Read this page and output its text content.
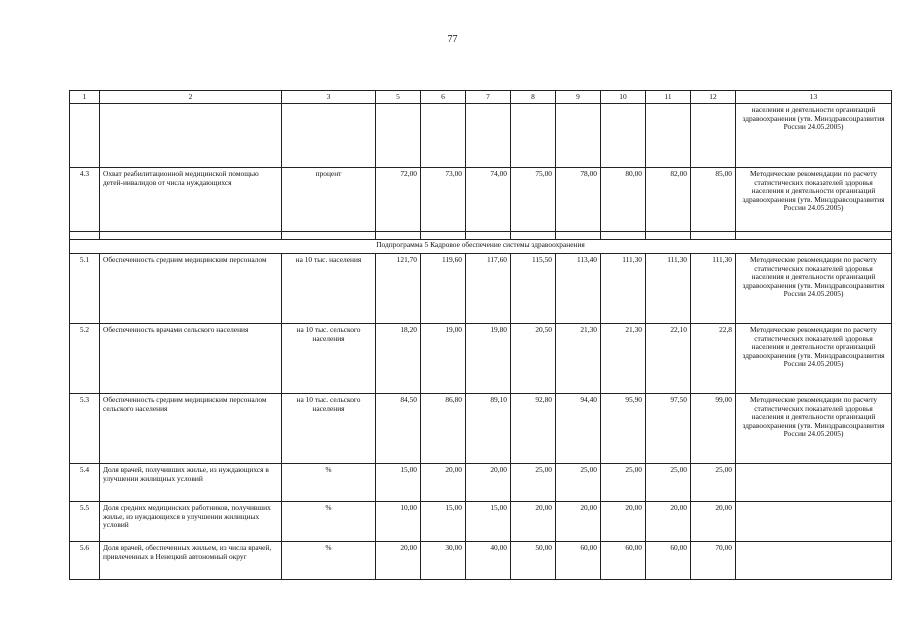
77
1	2	3	5	6	7	8	9	10	11	12	13
											населения и деятельности организаций здравоохранения (утв. Минздравсоцразвития России 24.05.2005)
4.3	Охват реабилитационной медицинской помощью детей-инвалидов от числа нуждающихся	процент	72,00	73,00	74,00	75,00	78,00	80,00	82,00	85,00	Методические рекомендации по расчету статистических показателей здоровья населения и деятельности организаций здравоохранения (утв. Минздравсоцразвития России 24.05.2005)

Подпрограмма 5 Кадровое обеспечение системы здравоохранения											
5.1	Обеспеченность средним медицинским персоналом	на 10 тыс. населения	121,70	119,60	117,60	115,50	113,40	111,30	111,30	111,30	Методические рекомендации по расчету статистических показателей здоровья населения и деятельности организаций здравоохранения (утв. Минздравсоцразвития России 24.05.2005)
5.2	Обеспеченность врачами сельского населения	на 10 тыс. сельского населения	18,20	19,00	19,80	20,50	21,30	21,30	22,10	22,8	Методические рекомендации по расчету статистических показателей здоровья населения и деятельности организаций здравоохранения (утв. Минздравсоцразвития России 24.05.2005)
5.3	Обеспеченность средним медицинским персоналом сельского населения	на 10 тыс. сельского населения	84,50	86,80	89,10	92,80	94,40	95,90	97,50	99,00	Методические рекомендации по расчету статистических показателей здоровья населения и деятельности организаций здравоохранения (утв. Минздравсоцразвития России 24.05.2005)
5.4	Доля врачей, получивших жилье, из нуждающихся в улучшении жилищных условий	%	15,00	20,00	20,00	25,00	25,00	25,00	25,00	25,00	
5.5	Доля средних медицинских работников, получивших жилье, из нуждающихся в улучшении жилищных условий	%	10,00	15,00	15,00	20,00	20,00	20,00	20,00	20,00	
5.6	Доля врачей, обеспеченных жильем, из числа врачей, привлеченных в Ненецкий автономный округ	%	20,00	30,00	40,00	50,00	60,00	60,00	60,00	70,00	
